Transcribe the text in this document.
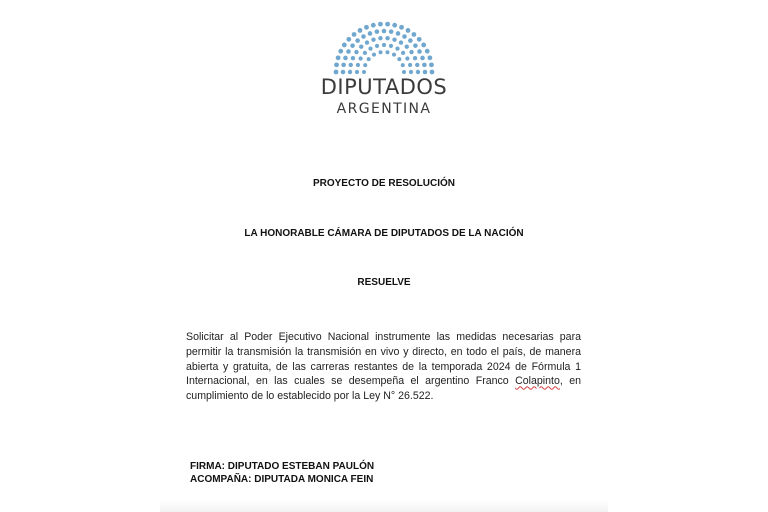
DIPUTADOS
ARGENTINA
PROYECTO DE RESOLUCIÓN
LA HONORABLE CÁMARA DE DIPUTADOS DE LA NACIÓN
RESUELVE
Solicitar al Poder Ejecutivo Nacional instrumente las medidas necesarias para permitir la transmisión la transmisión en vivo y directo, en todo el país, de manera abierta y gratuita, de las carreras restantes de la temporada 2024 de Fórmula 1 Internacional, en las cuales se desempeña el argentino Franco Colapinto, en cumplimiento de lo establecido por la Ley N° 26.522.
FIRMA: DIPUTADO ESTEBAN PAULÓN
ACOMPAÑA: DIPUTADA MONICA FEIN
